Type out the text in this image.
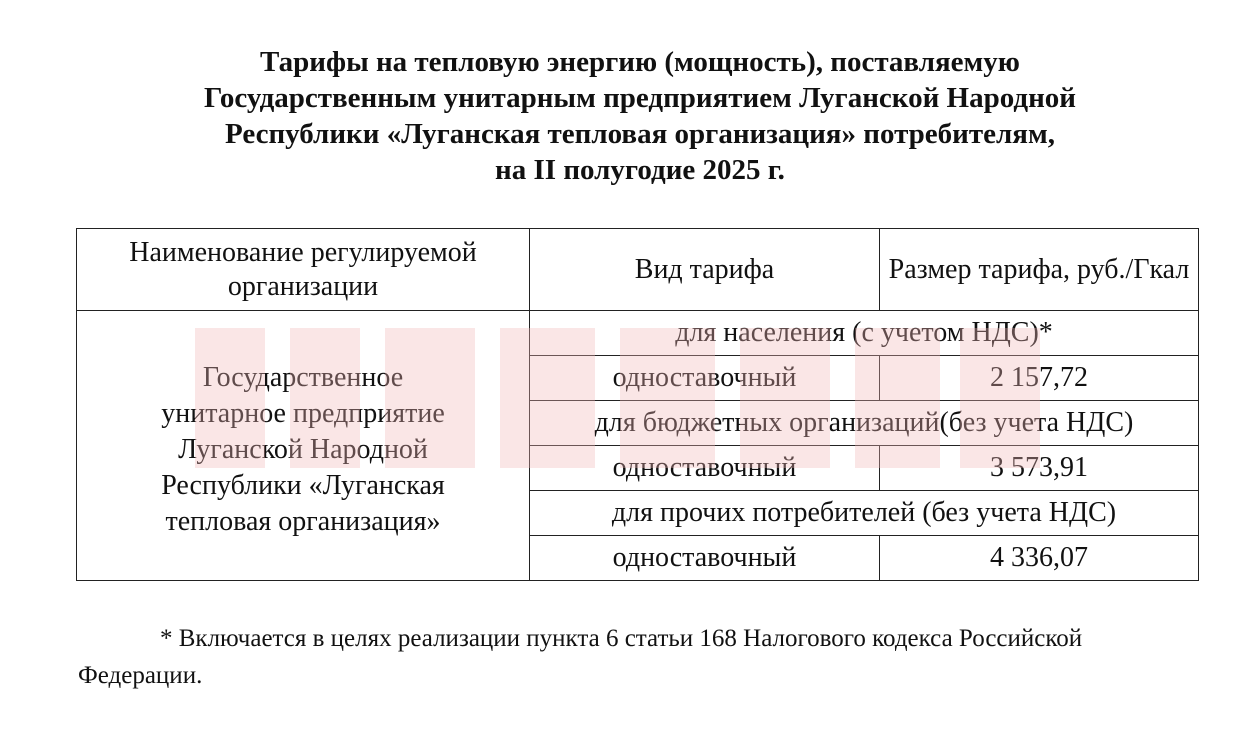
Тарифы на тепловую энергию (мощность), поставляемую
Государственным унитарным предприятием Луганской Народной
Республики «Луганская тепловая организация» потребителям,
на II полугодие 2025 г.
Наименование регулируемой организации	Вид тарифа	Размер тарифа, руб./Гкал

Государственное
унитарное предприятие
Луганской Народной
Республики «Луганская
тепловая организация»	для населения (с учетом НДС)*	
	одноставочный	2 157,72
	для бюджетных организаций(без учета НДС)	
	одноставочный	3 573,91
	для прочих потребителей (без учета НДС)	
	одноставочный	4 336,07

* Включается в целях реализации пункта 6 статьи 168 Налогового кодекса Российской Федерации.
